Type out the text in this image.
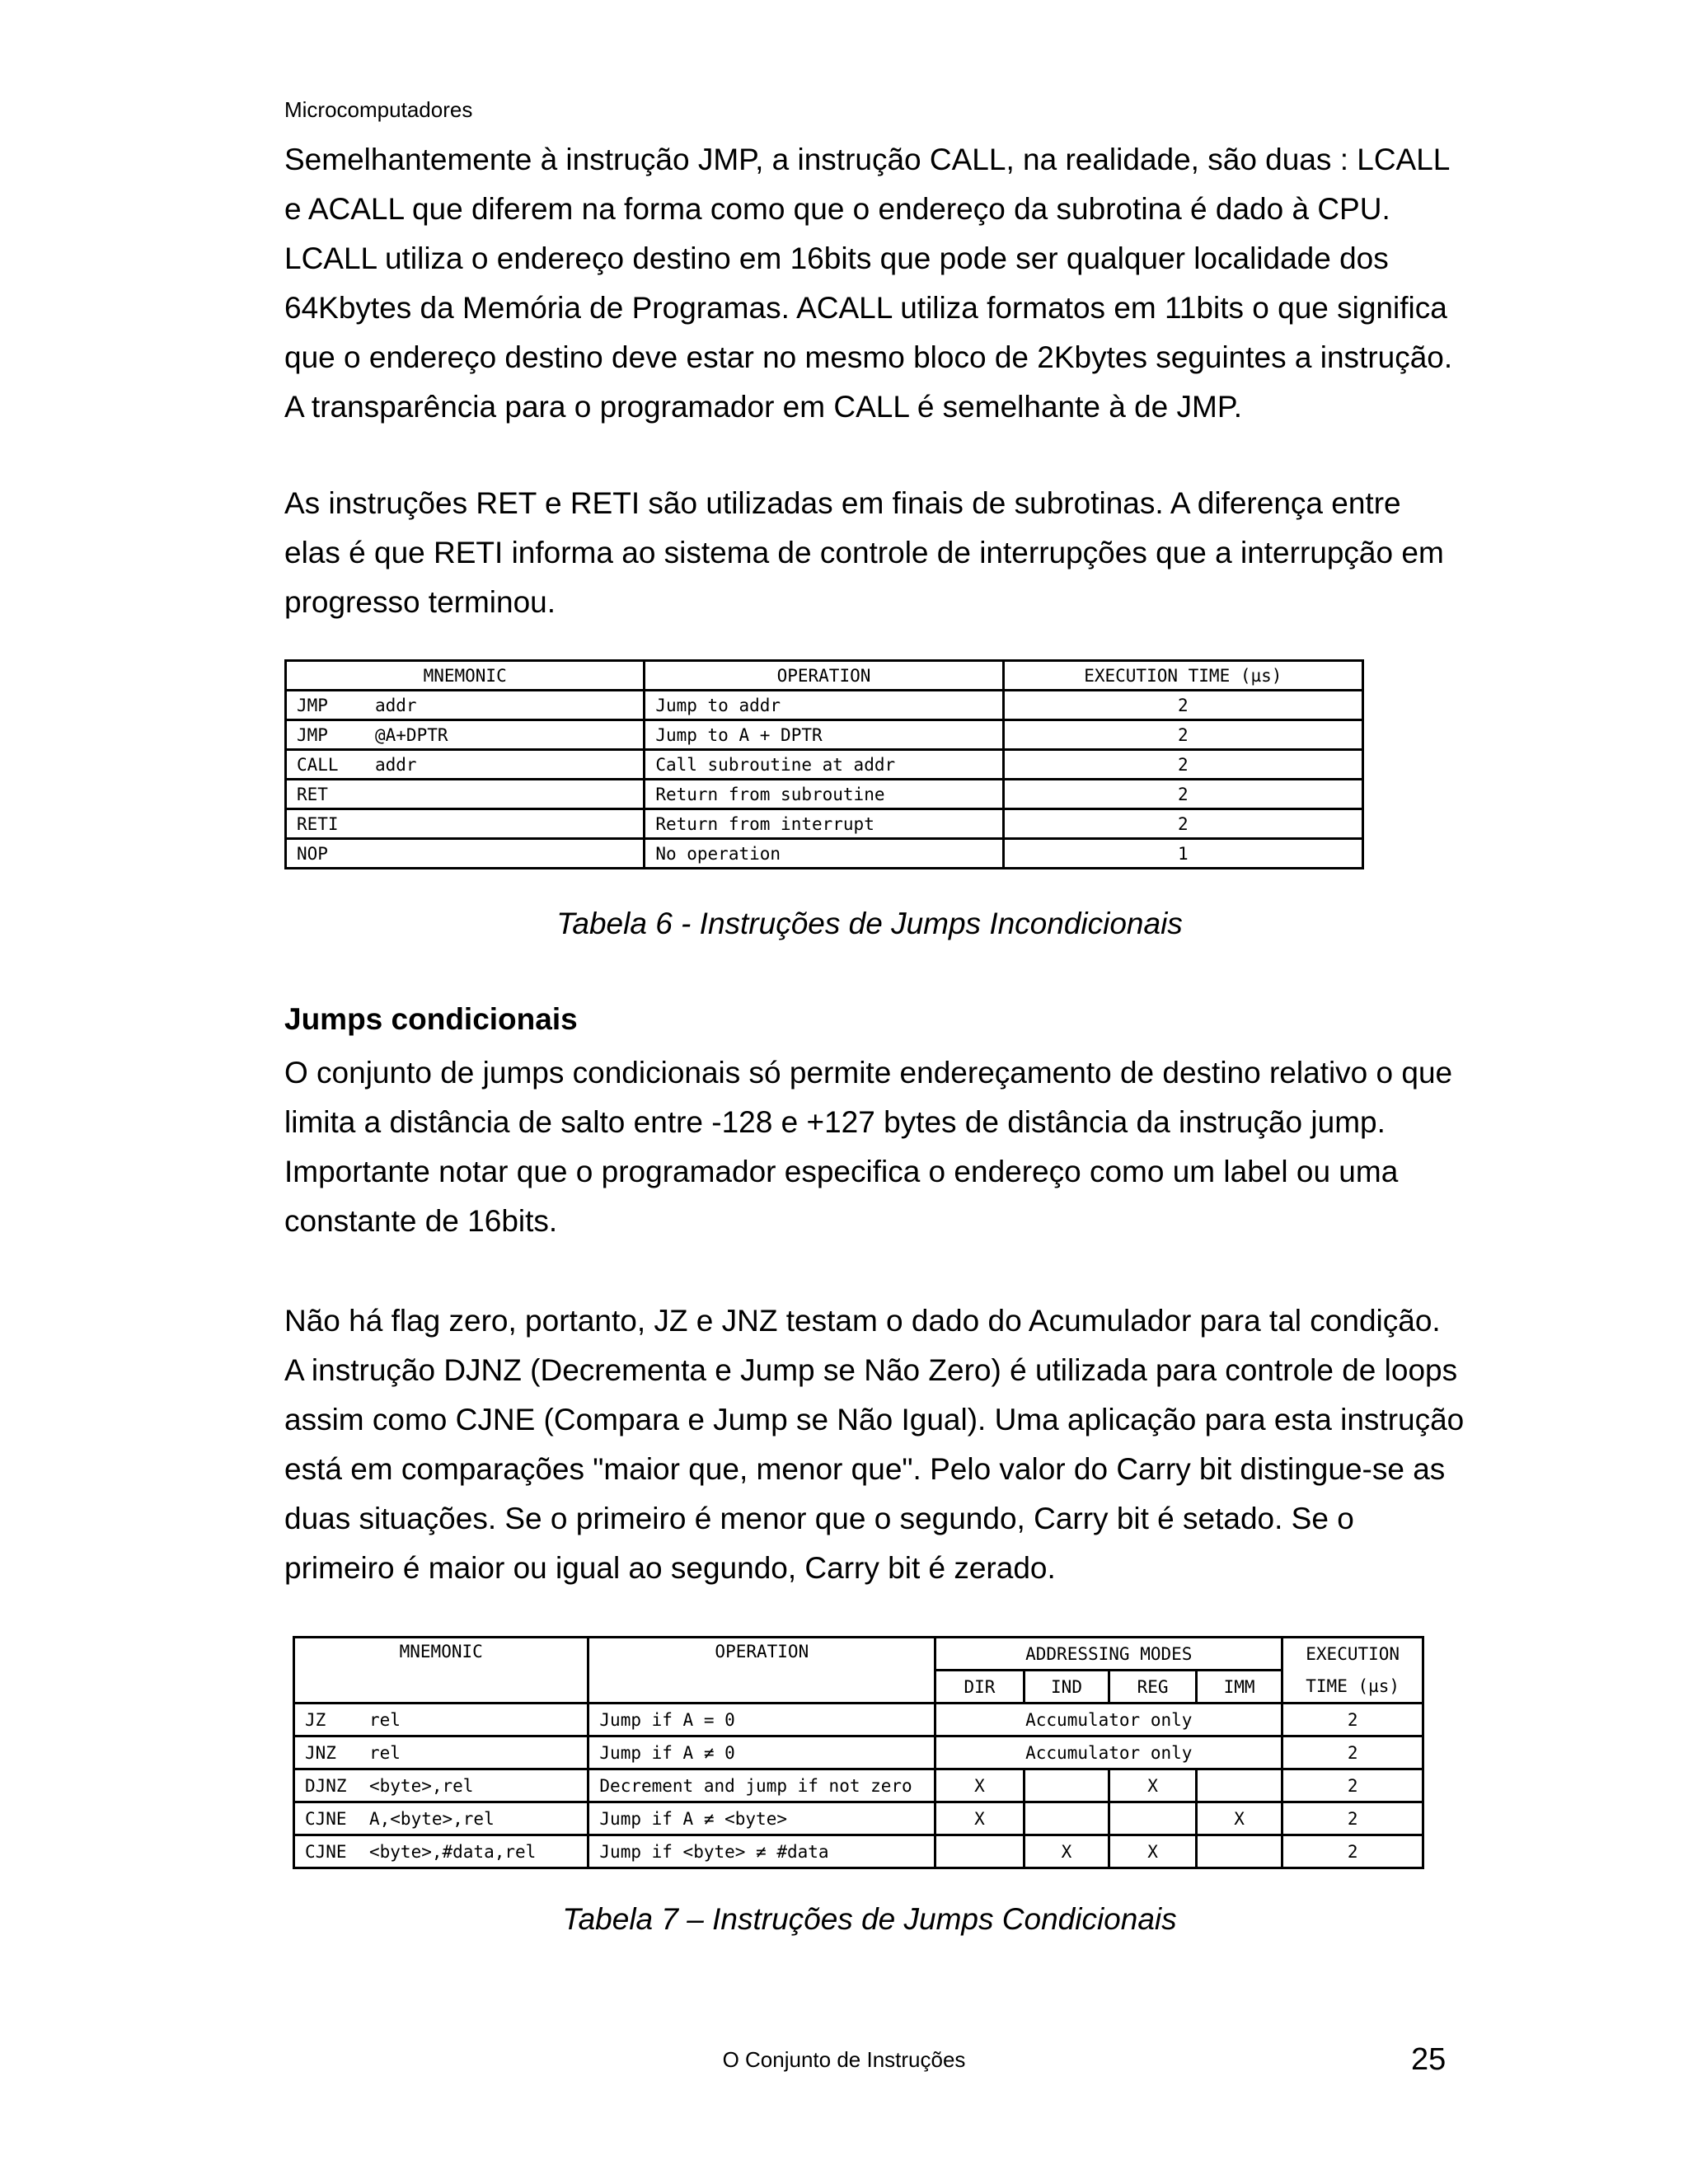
Microcomputadores

Semelhantemente à instrução JMP, a instrução CALL, na realidade, são duas : LCALL
e ACALL que diferem na forma como que o endereço da subrotina é dado à CPU.
LCALL utiliza o endereço destino em 16bits que pode ser qualquer localidade dos
64Kbytes da Memória de Programas. ACALL utiliza formatos em 11bits o que significa
que o endereço destino deve estar no mesmo bloco de 2Kbytes seguintes a instrução.
A transparência para o programador em CALL é semelhante à de JMP.

As instruções RET e RETI são utilizadas em finais de subrotinas. A diferença entre
elas é que RETI informa ao sistema de controle de interrupções que a interrupção em
progresso terminou.

MNEMONIC	OPERATION	EXECUTION TIME (µs)
JMP addr	Jump to addr	2
JMP @A+DPTR	Jump to A + DPTR	2
CALL addr	Call subroutine at addr	2
RET	Return from subroutine	2
RETI	Return from interrupt	2
NOP	No operation	1
Tabela 6 - Instruções de Jumps Incondicionais
Jumps condicionais

O conjunto de jumps condicionais só permite endereçamento de destino relativo o que
limita a distância de salto entre -128 e +127 bytes de distância da instrução jump.
Importante notar que o programador especifica o endereço como um label ou uma
constante de 16bits.

Não há flag zero, portanto, JZ e JNZ testam o dado do Acumulador para tal condição.
A instrução DJNZ (Decrementa e Jump se Não Zero) é utilizada para controle de loops
assim como CJNE (Compara e Jump se Não Igual). Uma aplicação para esta instrução
está em comparações "maior que, menor que". Pelo valor do Carry bit distingue-se as
duas situações. Se o primeiro é menor que o segundo, Carry bit é setado. Se o
primeiro é maior ou igual ao segundo, Carry bit é zerado.

MNEMONIC	OPERATION	ADDRESSING MODES				EXECUTION
		DIR	IND	REG	IMM	TIME (µs)
JZ rel	Jump if A = 0	Accumulator only				2
JNZ rel	Jump if A ≠ 0	Accumulator only				2
DJNZ <byte>,rel	Decrement and jump if not zero	X		X		2
CJNE A,<byte>,rel	Jump if A ≠ <byte>	X			X	2
CJNE <byte>,#data,rel	Jump if <byte> ≠ #data		X	X		2
Tabela 7 – Instruções de Jumps Condicionais
O Conjunto de Instruções	25
